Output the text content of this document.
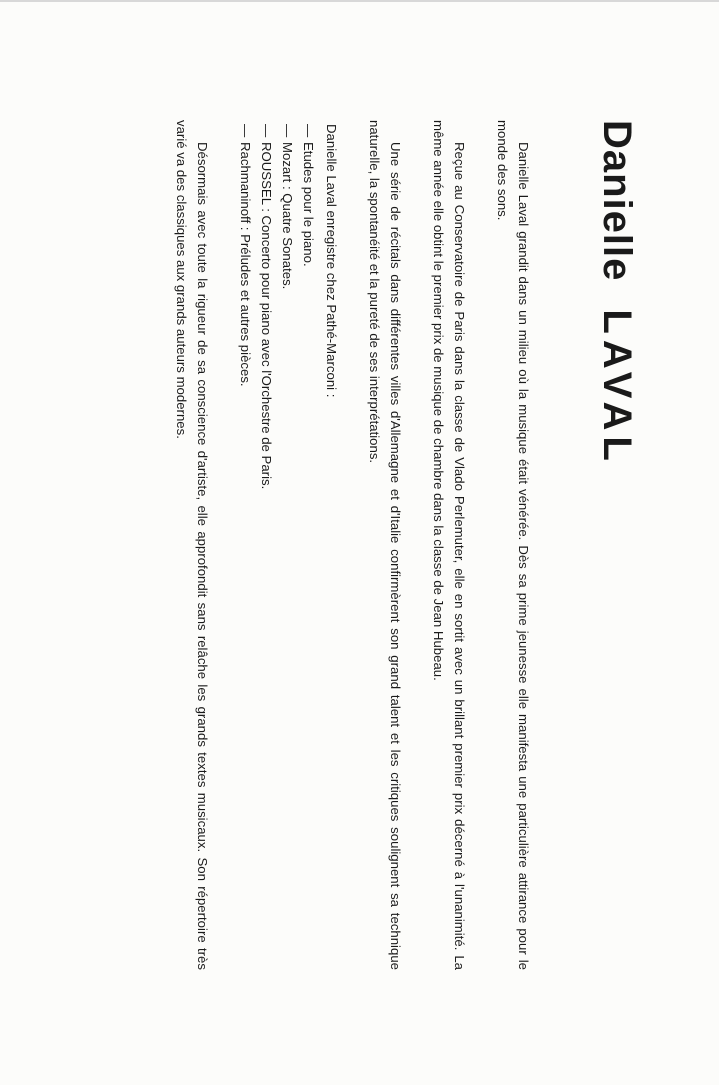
DanielleLAVAL

Danielle Laval grandit dans un milieu où la musique était vénérée. Dès sa prime jeunesse elle manifesta une particulière attirance pour le monde des sons.

Reçue au Conservatoire de Paris dans la classe de Vlado Perlemuter, elle en sortit avec un brillant premier prix décerné à l'unanimité. La même année elle obtint le premier prix de musique de chambre dans la classe de Jean Hubeau.

Une série de récitals dans différentes villes d'Allemagne et d'Italie confirmèrent son grand talent et les critiques soulignent sa technique naturelle, la spontanéité et la pureté de ses interprétations.

Danielle Laval enregistre chez Pathé-Marconi :
—Etudes pour le piano.
—Mozart : Quatre Sonates.
—ROUSSEL : Concerto pour piano avec l'Orchestre de Paris.
—Rachmaninoff : Préludes et autres pièces.

Désormais avec toute la rigueur de sa conscience d'artiste, elle approfondit sans relâche les grands textes musicaux. Son répertoire très varié va des classiques aux grands auteurs modernes.
